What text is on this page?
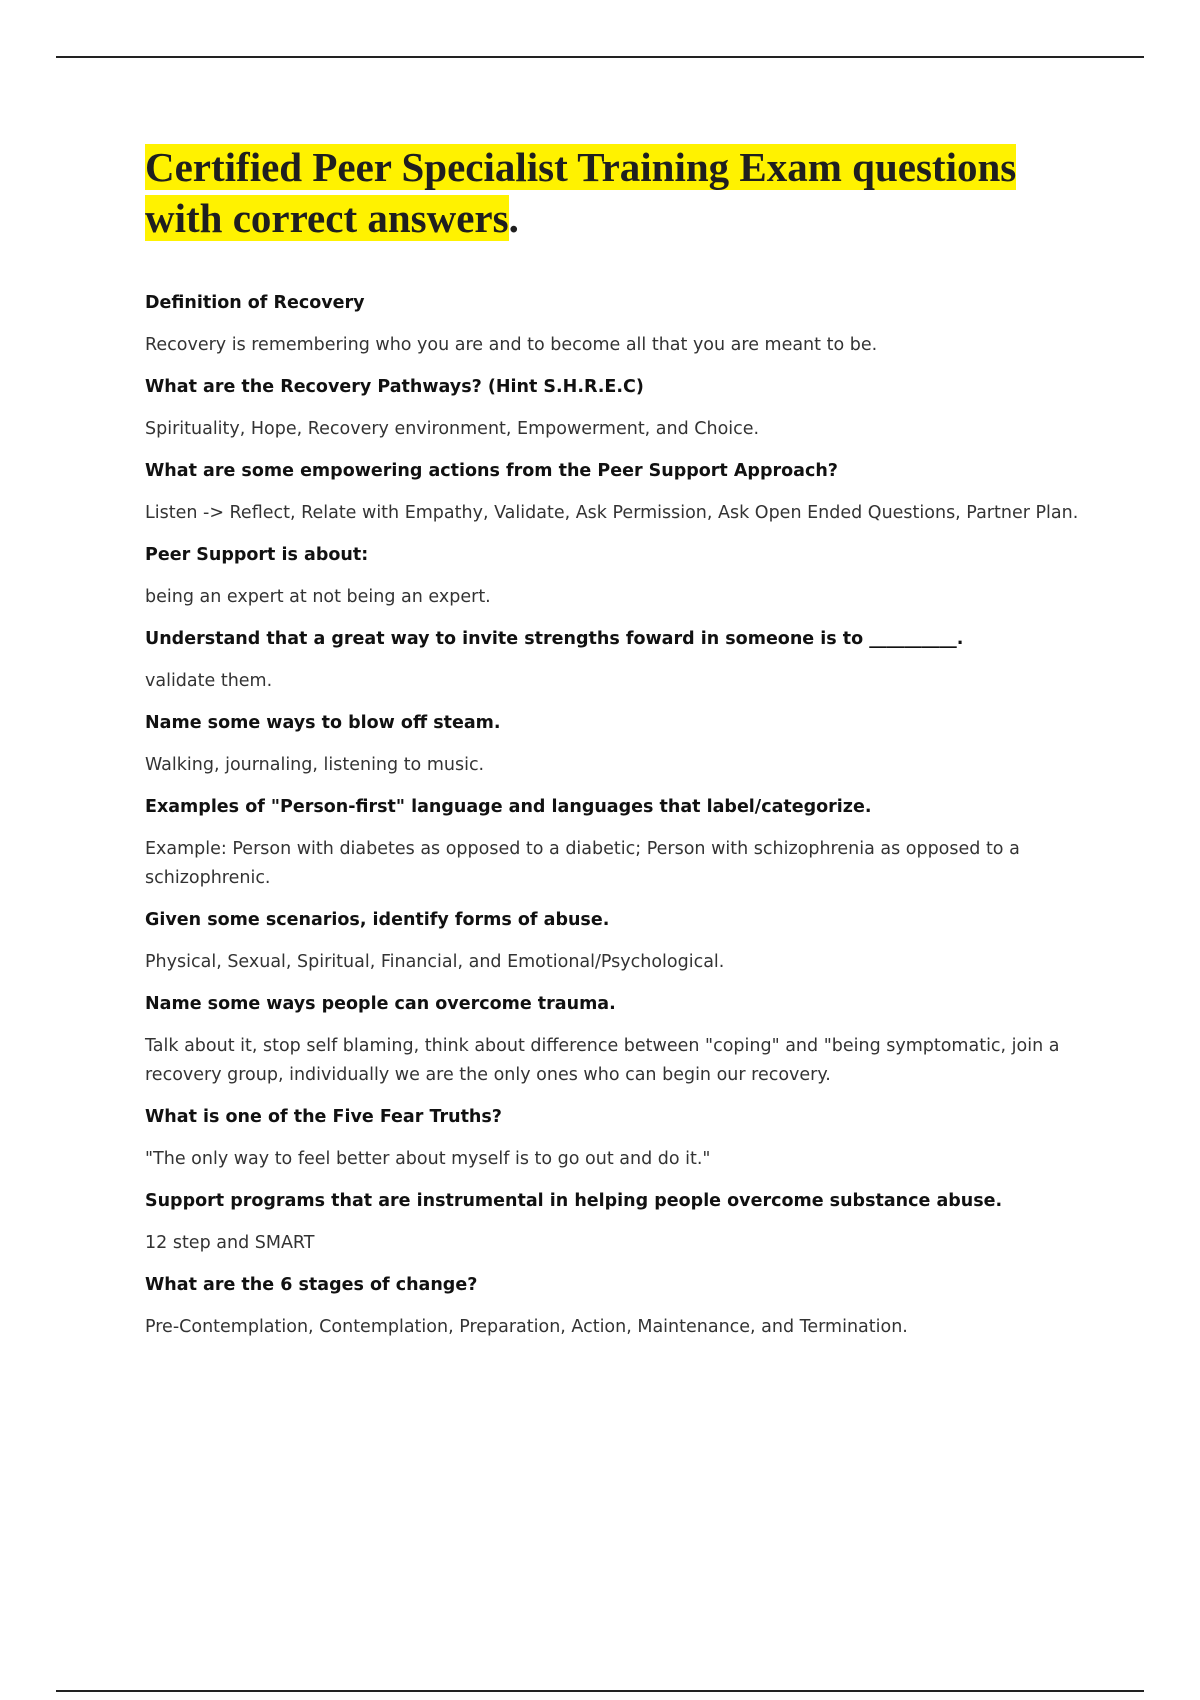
Certified Peer Specialist Training Exam questions with correct answers.

Definition of Recovery

Recovery is remembering who you are and to become all that you are meant to be.

What are the Recovery Pathways? (Hint S.H.R.E.C)

Spirituality, Hope, Recovery environment, Empowerment, and Choice.

What are some empowering actions from the Peer Support Approach?

Listen -> Reflect, Relate with Empathy, Validate, Ask Permission, Ask Open Ended Questions, Partner Plan.

Peer Support is about:

being an expert at not being an expert.

Understand that a great way to invite strengths foward in someone is to __________.

validate them.

Name some ways to blow off steam.

Walking, journaling, listening to music.

Examples of "Person-first" language and languages that label/categorize.

Example: Person with diabetes as opposed to a diabetic; Person with schizophrenia as opposed to a schizophrenic.

Given some scenarios, identify forms of abuse.

Physical, Sexual, Spiritual, Financial, and Emotional/Psychological.

Name some ways people can overcome trauma.

Talk about it, stop self blaming, think about difference between "coping" and "being symptomatic, join a recovery group, individually we are the only ones who can begin our recovery.

What is one of the Five Fear Truths?

"The only way to feel better about myself is to go out and do it."

Support programs that are instrumental in helping people overcome substance abuse.

12 step and SMART

What are the 6 stages of change?

Pre-Contemplation, Contemplation, Preparation, Action, Maintenance, and Termination.
